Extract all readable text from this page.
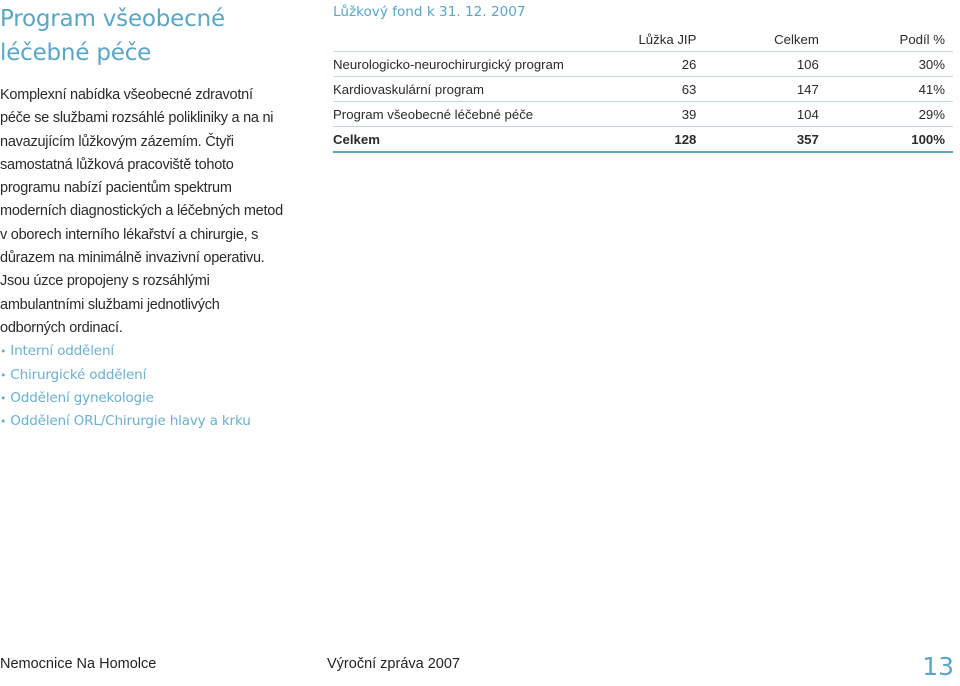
Program všeobecné léčebné péče

Komplexní nabídka všeobecné zdravotní péče se službami rozsáhlé polikliniky a na ni navazujícím lůžkovým zázemím. Čtyři samostatná lůžková pracoviště tohoto programu nabízí pacientům spektrum moderních diagnostických a léčebných metod v oborech interního lékařství a chirurgie, s důrazem na minimálně invazivní operativu. Jsou úzce propojeny s rozsáhlými ambulantními službami jednotlivých odborných ordinací.

• Interní oddělení
• Chirurgické oddělení
• Oddělení gynekologie
• Oddělení ORL/Chirurgie hlavy a krku
Lůžkový fond k 31. 12. 2007
	Lůžka JIP	Celkem	Podíl %
Neurologicko-neurochirurgický program	26	106	30%
Kardiovaskulární program	63	147	41%
Program všeobecné léčebné péče	39	104	29%
Celkem	128	357	100%
Nemocnice Na Homolce	Výroční zpráva 2007	13
